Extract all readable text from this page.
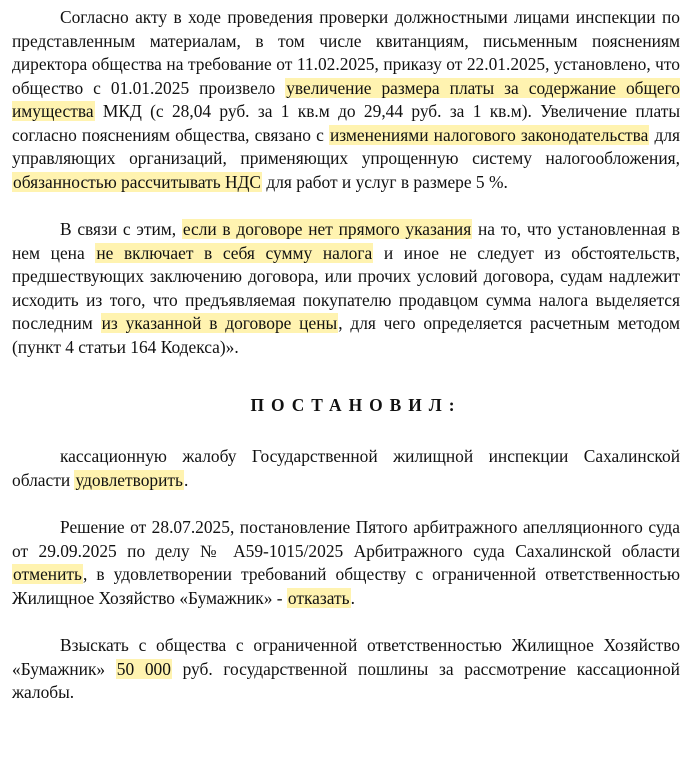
Согласно акту в ходе проведения проверки должностными лицами инспекции по представленным материалам, в том числе квитанциям, письменным пояснениям директора общества на требование от 11.02.2025, приказу от 22.01.2025, установлено, что общество с 01.01.2025 произвело увеличение размера платы за содержание общего имущества МКД (с 28,04 руб. за 1 кв.м до 29,44 руб. за 1 кв.м). Увеличение платы согласно пояснениям общества, связано с изменениями налогового законодательства для управляющих организаций, применяющих упрощенную систему налогообложения, обязанностью рассчитывать НДС для работ и услуг в размере 5 %.

В связи с этим, если в договоре нет прямого указания на то, что установленная в нем цена не включает в себя сумму налога и иное не следует из обстоятельств, предшествующих заключению договора, или прочих условий договора, судам надлежит исходить из того, что предъявляемая покупателю продавцом сумма налога выделяется последним из указанной в договоре цены, для чего определяется расчетным методом (пункт 4 статьи 164 Кодекса)».

ПОСТАНОВИЛ:

кассационную жалобу Государственной жилищной инспекции Сахалинской области удовлетворить.

Решение от 28.07.2025, постановление Пятого арбитражного апелляционного суда от 29.09.2025 по делу № А59-1015/2025 Арбитражного суда Сахалинской области отменить, в удовлетворении требований обществу с ограниченной ответственностью Жилищное Хозяйство «Бумажник» - отказать.

Взыскать с общества с ограниченной ответственностью Жилищное Хозяйство «Бумажник» 50 000 руб. государственной пошлины за рассмотрение кассационной жалобы.
